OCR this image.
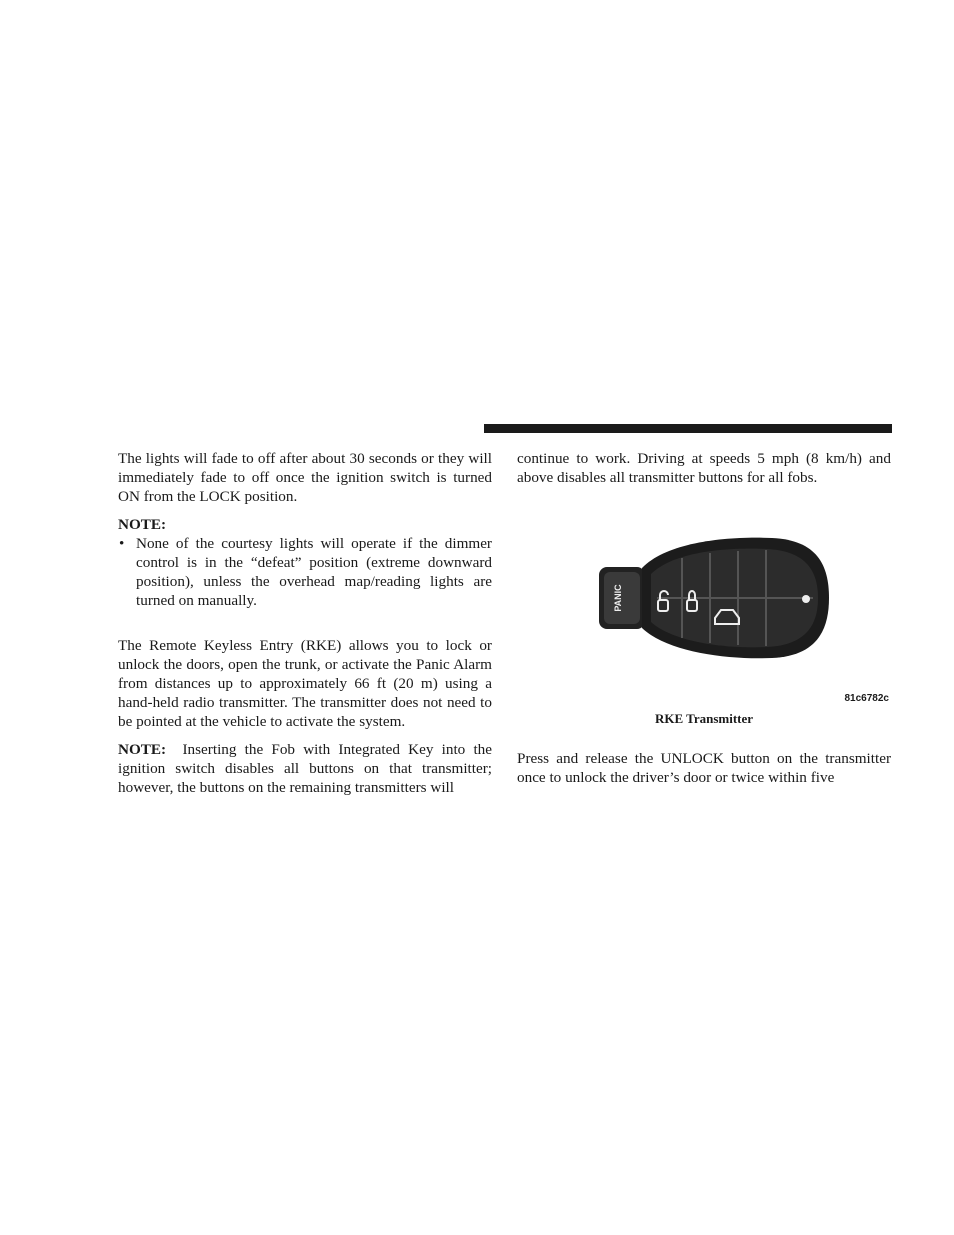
The lights will fade to off after about 30 seconds or they will immediately fade to off once the ignition switch is turned ON from the LOCK position.

NOTE:
• None of the courtesy lights will operate if the dimmer control is in the “defeat” position (extreme downward position), unless the overhead map/reading lights are turned on manually.

The Remote Keyless Entry (RKE) allows you to lock or unlock the doors, open the trunk, or activate the Panic Alarm from distances up to approximately 66 ft (20 m) using a hand-held radio transmitter. The transmitter does not need to be pointed at the vehicle to activate the system.

NOTE: Inserting the Fob with Integrated Key into the ignition switch disables all buttons on that transmitter; however, the buttons on the remaining transmitters will

continue to work. Driving at speeds 5 mph (8 km/h) and above disables all transmitter buttons for all fobs.

PANIC
81c6782c
RKE Transmitter

Press and release the UNLOCK button on the transmitter once to unlock the driver’s door or twice within five
